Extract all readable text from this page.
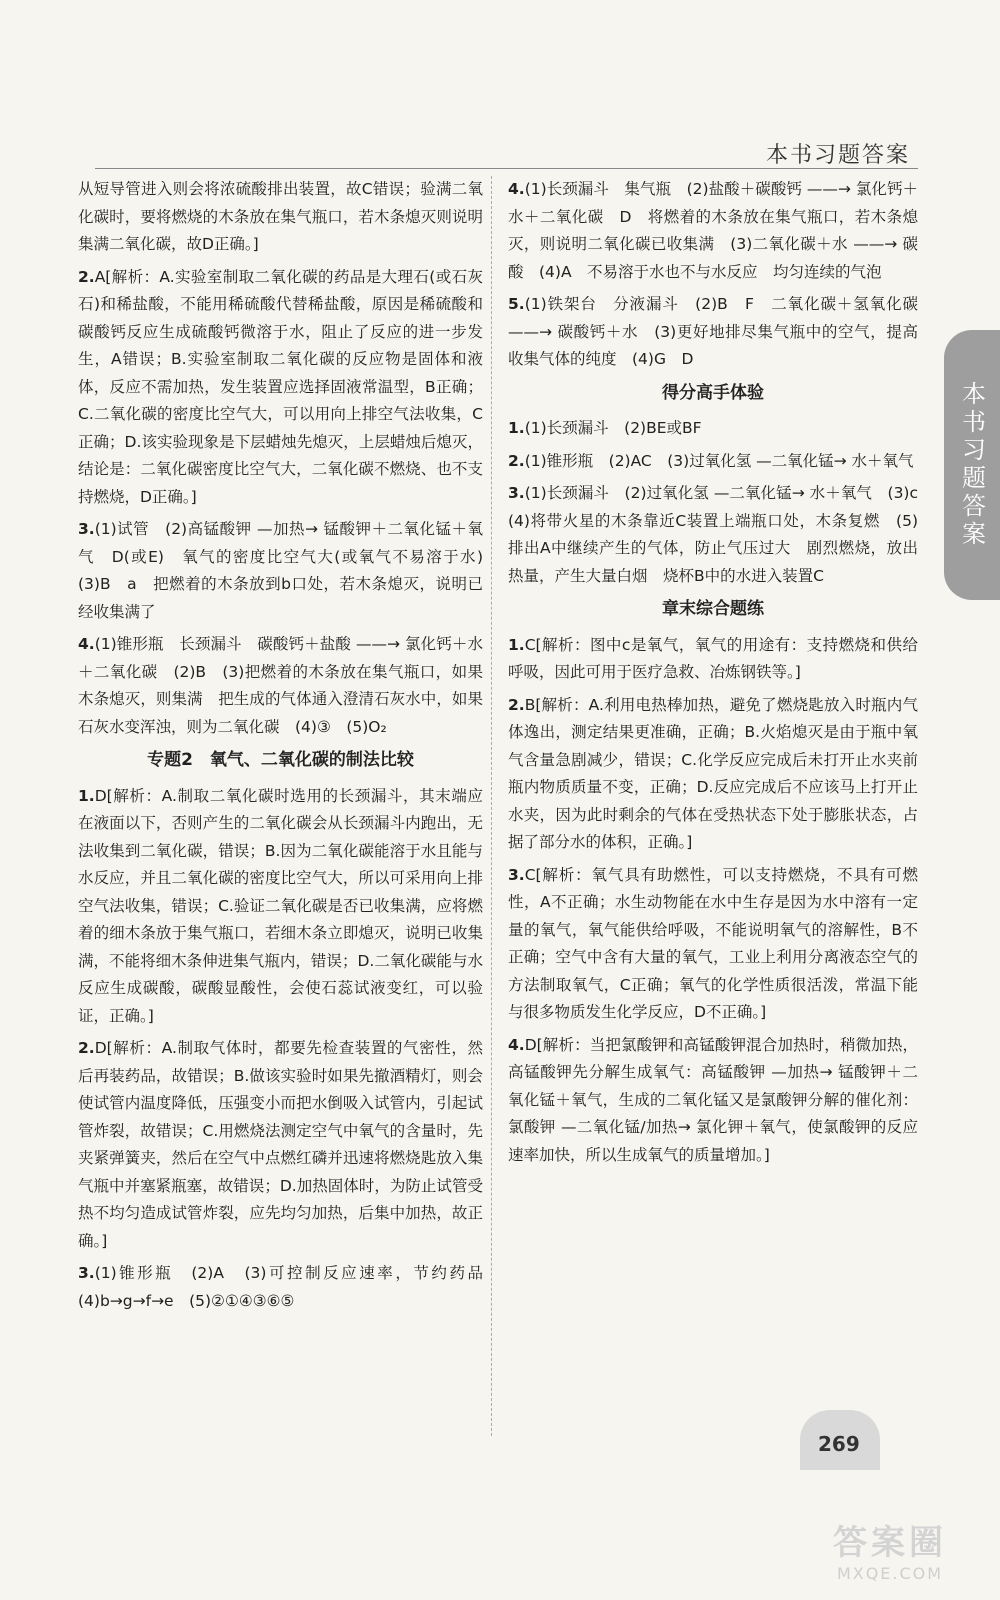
本书习题答案
从短导管进入则会将浓硫酸排出装置，故C错误；验满二氧化碳时，要将燃烧的木条放在集气瓶口，若木条熄灭则说明集满二氧化碳，故D正确。]
2.A[解析：A.实验室制取二氧化碳的药品是大理石(或石灰石)和稀盐酸，不能用稀硫酸代替稀盐酸，原因是稀硫酸和碳酸钙反应生成硫酸钙微溶于水，阻止了反应的进一步发生，A错误；B.实验室制取二氧化碳的反应物是固体和液体，反应不需加热，发生装置应选择固液常温型，B正确；C.二氧化碳的密度比空气大，可以用向上排空气法收集，C正确；D.该实验现象是下层蜡烛先熄灭，上层蜡烛后熄灭，结论是：二氧化碳密度比空气大，二氧化碳不燃烧、也不支持燃烧，D正确。]
3.(1)试管　(2)高锰酸钾 —加热→ 锰酸钾＋二氧化锰＋氧气　D(或E)　氧气的密度比空气大(或氧气不易溶于水)　(3)B　a　把燃着的木条放到b口处，若木条熄灭，说明已经收集满了
4.(1)锥形瓶　长颈漏斗　碳酸钙＋盐酸 ——→ 氯化钙＋水＋二氧化碳　(2)B　(3)把燃着的木条放在集气瓶口，如果木条熄灭，则集满　把生成的气体通入澄清石灰水中，如果石灰水变浑浊，则为二氧化碳　(4)③　(5)O₂
专题2　氧气、二氧化碳的制法比较
1.D[解析：A.制取二氧化碳时选用的长颈漏斗，其末端应在液面以下，否则产生的二氧化碳会从长颈漏斗内跑出，无法收集到二氧化碳，错误；B.因为二氧化碳能溶于水且能与水反应，并且二氧化碳的密度比空气大，所以可采用向上排空气法收集，错误；C.验证二氧化碳是否已收集满，应将燃着的细木条放于集气瓶口，若细木条立即熄灭，说明已收集满，不能将细木条伸进集气瓶内，错误；D.二氧化碳能与水反应生成碳酸，碳酸显酸性，会使石蕊试液变红，可以验证，正确。]
2.D[解析：A.制取气体时，都要先检查装置的气密性，然后再装药品，故错误；B.做该实验时如果先撤酒精灯，则会使试管内温度降低，压强变小而把水倒吸入试管内，引起试管炸裂，故错误；C.用燃烧法测定空气中氧气的含量时，先夹紧弹簧夹，然后在空气中点燃红磷并迅速将燃烧匙放入集气瓶中并塞紧瓶塞，故错误；D.加热固体时，为防止试管受热不均匀造成试管炸裂，应先均匀加热，后集中加热，故正确。]
3.(1)锥形瓶　(2)A　(3)可控制反应速率，节约药品　(4)b→g→f→e　(5)②①④③⑥⑤
4.(1)长颈漏斗　集气瓶　(2)盐酸＋碳酸钙 ——→ 氯化钙＋水＋二氧化碳　D　将燃着的木条放在集气瓶口，若木条熄灭，则说明二氧化碳已收集满　(3)二氧化碳＋水 ——→ 碳酸　(4)A　不易溶于水也不与水反应　均匀连续的气泡
5.(1)铁架台　分液漏斗　(2)B　F　二氧化碳＋氢氧化碳 ——→ 碳酸钙＋水　(3)更好地排尽集气瓶中的空气，提高收集气体的纯度　(4)G　D
得分高手体验
1.(1)长颈漏斗　(2)BE或BF
2.(1)锥形瓶　(2)AC　(3)过氧化氢 —二氧化锰→ 水＋氧气
3.(1)长颈漏斗　(2)过氧化氢 —二氧化锰→ 水＋氧气　(3)c　(4)将带火星的木条靠近C装置上端瓶口处，木条复燃　(5)排出A中继续产生的气体，防止气压过大　剧烈燃烧，放出热量，产生大量白烟　烧杯B中的水进入装置C
章末综合题练
1.C[解析：图中c是氧气，氧气的用途有：支持燃烧和供给呼吸，因此可用于医疗急救、冶炼钢铁等。]
2.B[解析：A.利用电热棒加热，避免了燃烧匙放入时瓶内气体逸出，测定结果更准确，正确；B.火焰熄灭是由于瓶中氧气含量急剧减少，错误；C.化学反应完成后未打开止水夹前瓶内物质质量不变，正确；D.反应完成后不应该马上打开止水夹，因为此时剩余的气体在受热状态下处于膨胀状态，占据了部分水的体积，正确。]
3.C[解析：氧气具有助燃性，可以支持燃烧，不具有可燃性，A不正确；水生动物能在水中生存是因为水中溶有一定量的氧气，氧气能供给呼吸，不能说明氧气的溶解性，B不正确；空气中含有大量的氧气，工业上利用分离液态空气的方法制取氧气，C正确；氧气的化学性质很活泼，常温下能与很多物质发生化学反应，D不正确。]
4.D[解析：当把氯酸钾和高锰酸钾混合加热时，稍微加热，高锰酸钾先分解生成氧气：高锰酸钾 —加热→ 锰酸钾＋二氧化锰＋氧气，生成的二氧化锰又是氯酸钾分解的催化剂：氯酸钾 —二氧化锰/加热→ 氯化钾＋氧气，使氯酸钾的反应速率加快，所以生成氧气的质量增加。]
本书习题答案
269
答案圈
MXQE.COM
